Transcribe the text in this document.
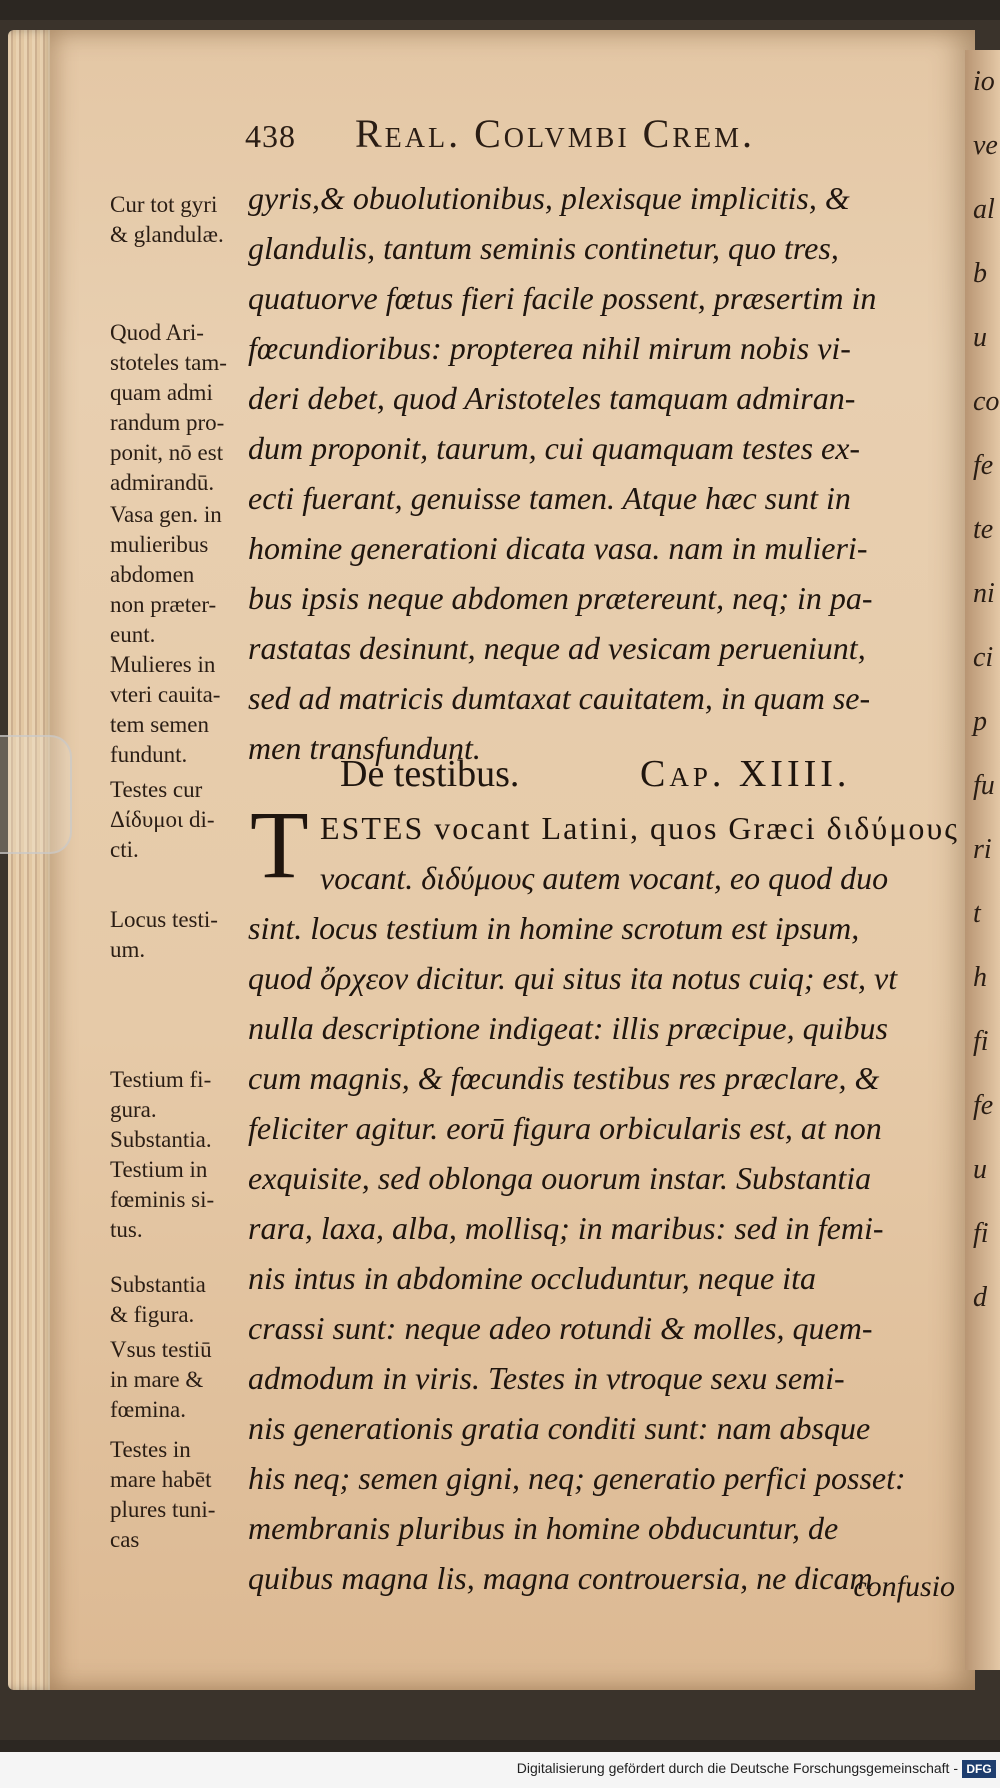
io
ve
al
b
u
co
fe
te
ni
ci
p
fu
ri
t
h
fi
fe
u
fi
d
438 Real. Colvmbi Crem.
Cur tot gyri
& glandulæ.
Quod Ari-
stoteles tam-
quam admi
randum pro-
ponit, nō est
admirandū.
Vasa gen. in
mulieribus
abdomen
non præter-
eunt.
Mulieres in
vteri cauita-
tem semen
fundunt.
Testes cur
Δίδυμοι di-
cti.
Locus testi-
um.
Testium fi-
gura.
Substantia.
Testium in
fœminis si-
tus.
Substantia
& figura.
Vsus testiū
in mare &
fœmina.
Testes in
mare habēt
plures tuni-
cas
gyris,& obuolutionibus, plexisque implicitis, &
glandulis, tantum seminis continetur, quo tres,
quatuorve fœtus fieri facile possent, præsertim in
fœcundioribus: propterea nihil mirum nobis vi-
deri debet, quod Aristoteles tamquam admiran-
dum proponit, taurum, cui quamquam testes ex-
ecti fuerant, genuisse tamen. Atque hæc sunt in
homine generationi dicata vasa. nam in mulieri-
bus ipsis neque abdomen prætereunt, neq; in pa-
rastatas desinunt, neque ad vesicam perueniunt,
sed ad matricis dumtaxat cauitatem, in quam se-
men transfundunt.
ESTES vocant Latini, quos Græci διδύμους
vocant. διδύμους autem vocant, eo quod duo
sint. locus testium in homine scrotum est ipsum,
quod ὄρχεον dicitur. qui situs ita notus cuiq; est, vt
nulla descriptione indigeat: illis præcipue, quibus
cum magnis, & fœcundis testibus res præclare, &
feliciter agitur. eorū figura orbicularis est, at non
exquisite, sed oblonga ouorum instar. Substantia
rara, laxa, alba, mollisq; in maribus: sed in femi-
nis intus in abdomine occluduntur, neque ita
crassi sunt: neque adeo rotundi & molles, quem-
admodum in viris. Testes in vtroque sexu semi-
nis generationis gratia conditi sunt: nam absque
his neq; semen gigni, neq; generatio perfici posset:
membranis pluribus in homine obducuntur, de
quibus magna lis, magna controuersia, ne dicam
De testibus.	Cap. XIIII.
T
confusio
Digitalisierung gefördert durch die Deutsche Forschungsgemeinschaft - DFG
